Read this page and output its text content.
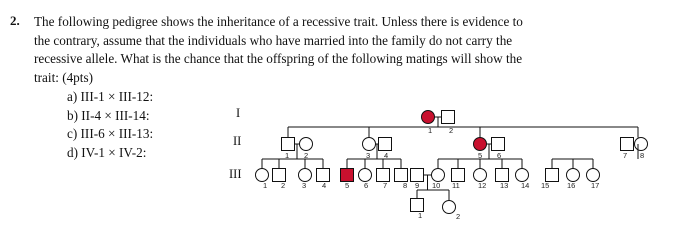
2. The following pedigree shows the inheritance of a recessive trait. Unless there is evidence to
the contrary, assume that the individuals who have married into the family do not carry the
recessive allele. What is the chance that the offspring of the following matings will show the
trait: (4pts)
a) III-1 × III-12:
b) II-4 × III-14:
c) III-6 × III-13:
d) IV-1 × IV-2:
I
II
III
1 2
1 2	3 4	5 6	7 8
1 2 3 4	5 6 7 8 9 10 11 12 13 14 15 16 17
1	2
